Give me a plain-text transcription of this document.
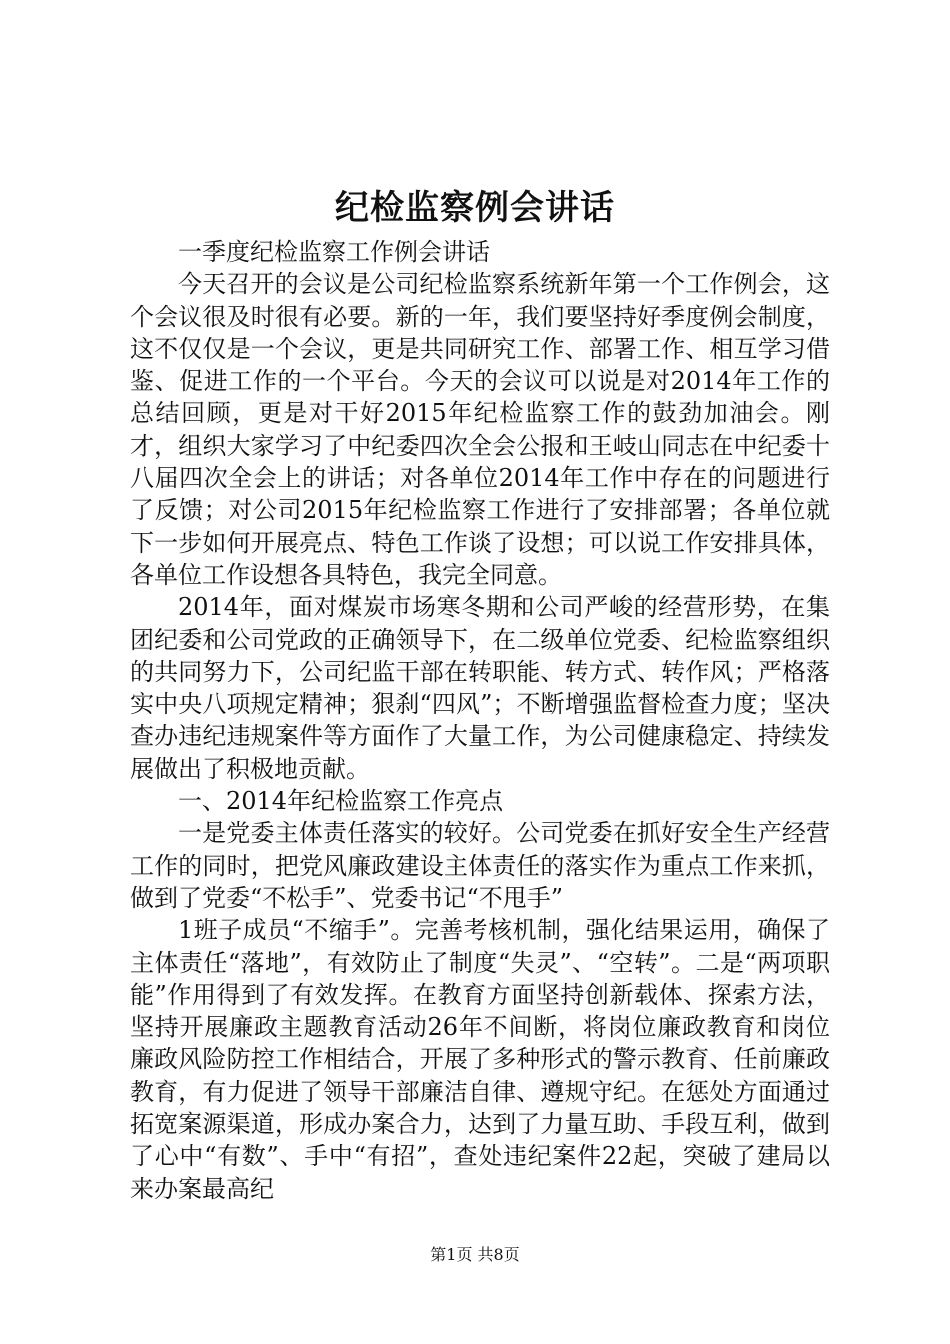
纪检监察例会讲话

一季度纪检监察工作例会讲话

今天召开的会议是公司纪检监察系统新年第一个工作例会，这个会议很及时很有必要。新的一年，我们要坚持好季度例会制度，这不仅仅是一个会议，更是共同研究工作、部署工作、相互学习借鉴、促进工作的一个平台。今天的会议可以说是对2014年工作的总结回顾，更是对干好2015年纪检监察工作的鼓劲加油会。刚才，组织大家学习了中纪委四次全会公报和王岐山同志在中纪委十八届四次全会上的讲话；对各单位2014年工作中存在的问题进行了反馈；对公司2015年纪检监察工作进行了安排部署；各单位就下一步如何开展亮点、特色工作谈了设想；可以说工作安排具体，各单位工作设想各具特色，我完全同意。

2014年，面对煤炭市场寒冬期和公司严峻的经营形势，在集团纪委和公司党政的正确领导下，在二级单位党委、纪检监察组织的共同努力下，公司纪监干部在转职能、转方式、转作风；严格落实中央八项规定精神；狠刹“四风”；不断增强监督检查力度；坚决查办违纪违规案件等方面作了大量工作，为公司健康稳定、持续发展做出了积极地贡献。

一、2014年纪检监察工作亮点

一是党委主体责任落实的较好。公司党委在抓好安全生产经营工作的同时，把党风廉政建设主体责任的落实作为重点工作来抓，做到了党委“不松手”、党委书记“不甩手”

1班子成员“不缩手”。完善考核机制，强化结果运用，确保了主体责任“落地”，有效防止了制度“失灵”、“空转”。二是“两项职能”作用得到了有效发挥。在教育方面坚持创新载体、探索方法，坚持开展廉政主题教育活动26年不间断，将岗位廉政教育和岗位廉政风险防控工作相结合，开展了多种形式的警示教育、任前廉政教育，有力促进了领导干部廉洁自律、遵规守纪。在惩处方面通过拓宽案源渠道，形成办案合力，达到了力量互助、手段互利，做到了心中“有数”、手中“有招”，查处违纪案件22起，突破了建局以来办案最高纪

第1页 共8页
